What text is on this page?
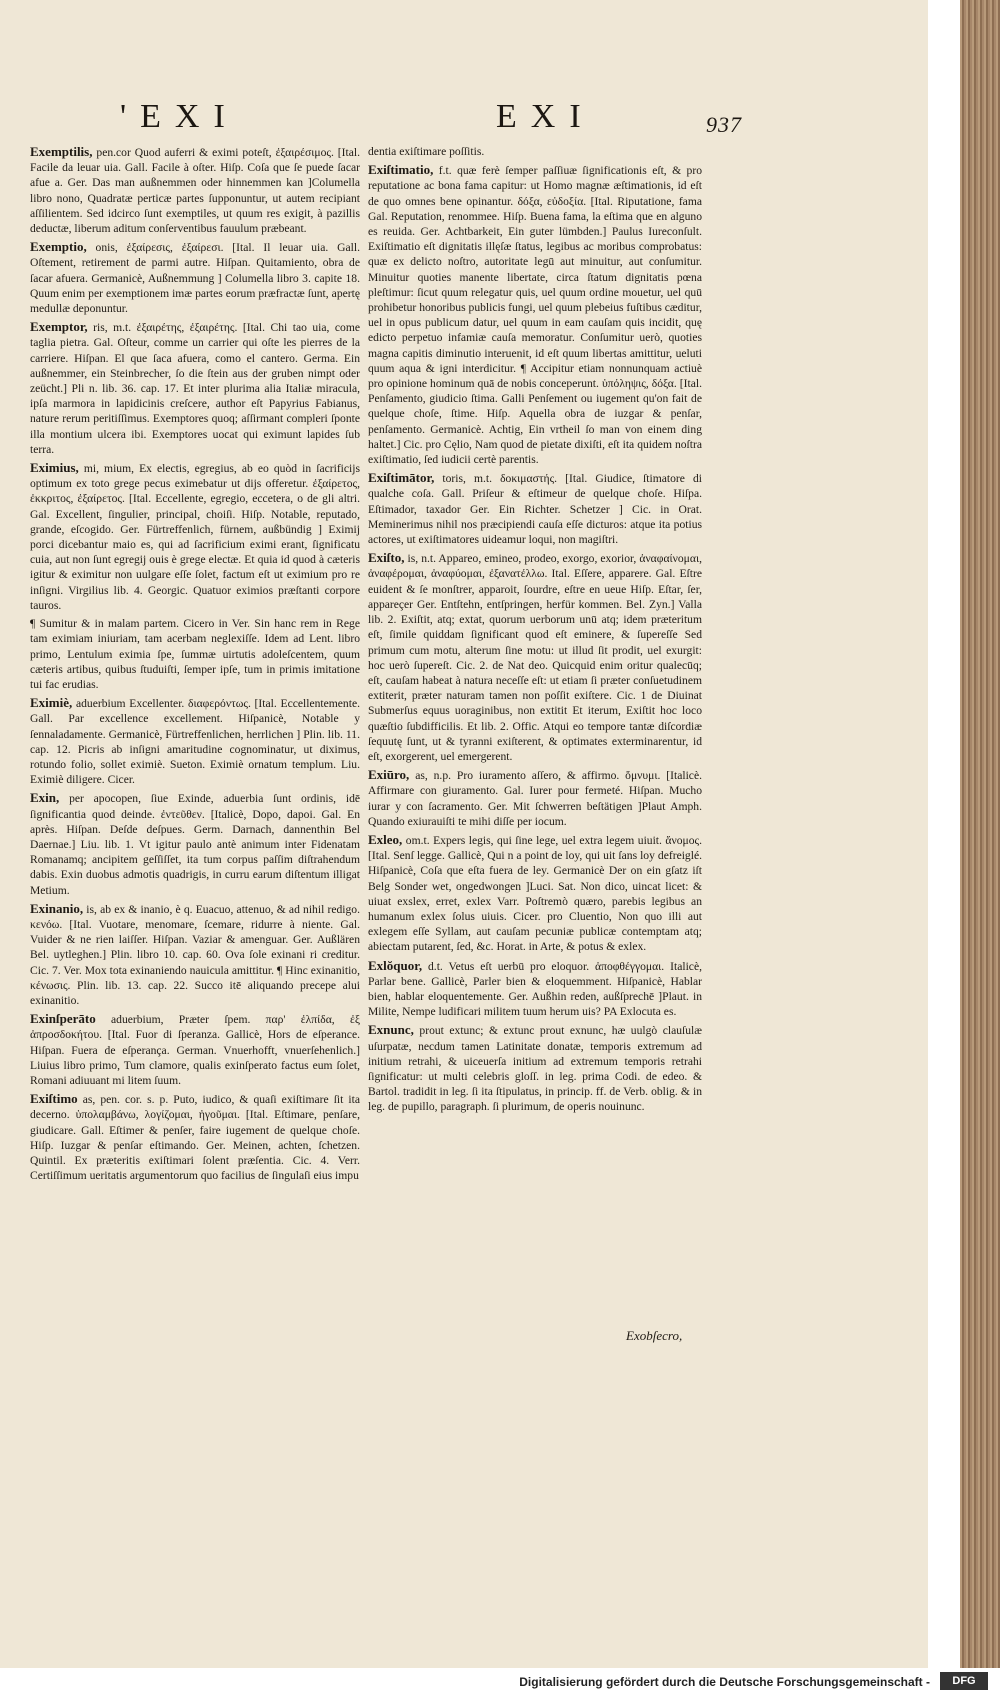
'EXI	EXI	937

Exemptilis, pen.cor Quod auferri & eximi poteſt, ἐξαιρέσιμος. [Ital. Facile da leuar uia. Gall. Facile à oſter. Hiſp. Coſa que ſe puede ſacar afue a. Ger. Das man außnemmen oder hinnemmen kan ]Columella libro nono, Quadratæ perticæ partes ſupponuntur, ut autem recipiant aſſilientem. Sed idcirco ſunt exemptiles, ut quum res exigit, à pazillis deductæ, liberum aditum conſerventibus fauulum præbeant.

Exemptio, onis, ἐξαίρεσις, ἐξαίρεσι. [Ital. Il leuar uia. Gall. Oſtement, retirement de parmi autre. Hiſpan. Quitamiento, obra de ſacar afuera. Germanicè, Außnemmung ] Columella libro 3. capite 18. Quum enim per exemptionem imæ partes eorum præfractæ ſunt, apertę medullæ deponuntur.

Exemptor, ris, m.t. ἐξαιρέτης, ἐξαιρέτης. [Ital. Chi tao uia, come taglia pietra. Gal. Oſteur, comme un carrier qui oſte les pierres de la carriere. Hiſpan. El que ſaca afuera, como el cantero. Germa. Ein außnemmer, ein Steinbrecher, ſo die ſtein aus der gruben nimpt oder zeücht.] Pli n. lib. 36. cap. 17. Et inter plurima alia Italiæ miracula, ipſa marmora in lapidicinis creſcere, author eſt Papyrius Fabianus, nature rerum peritiſſimus. Exemptores quoq; aſſirmant compleri ſponte illa montium ulcera ibi. Exemptores uocat qui eximunt lapides ſub terra.

Eximius, mi, mium, Ex electis, egregius, ab eo quòd in ſacrificijs optimum ex toto grege pecus eximebatur ut dijs offeretur. ἐξαίρετος, ἐκκριτος, ἐξαίρετος. [Ital. Eccellente, egregio, eccetera, o de gli altri. Gal. Excellent, ſingulier, principal, choiſi. Hiſp. Notable, reputado, grande, eſcogido. Ger. Fürtreffenlich, fürnem, außbündig ] Eximij porci dicebantur maio es, qui ad ſacrificium eximi erant, ſignificatu cuia, aut non ſunt egregij ouis è grege electæ. Et quia id quod à cæteris igitur & eximitur non uulgare eſſe ſolet, factum eſt ut eximium pro re inſigni. Virgilius lib. 4. Georgic. Quatuor eximios præſtanti corpore tauros.

¶ Sumitur & in malam partem. Cicero in Ver. Sin hanc rem in Rege tam eximiam iniuriam, tam acerbam neglexiſſe. Idem ad Lent. libro primo, Lentulum eximia ſpe, ſummæ uirtutis adoleſcentem, quum cæteris artibus, quibus ſtuduiſti, ſemper ipſe, tum in primis imitatione tui fac erudias.

Eximiè, aduerbium Excellenter. διαφερόντως. [Ital. Eccellentemente. Gall. Par excellence excellement. Hiſpanicè, Notable y ſennaladamente. Germanicè, Fürtreffenlichen, herrlichen ] Plin. lib. 11. cap. 12. Picris ab inſigni amaritudine cognominatur, ut diximus, rotundo folio, sollet eximiè. Sueton. Eximiè ornatum templum. Liu. Eximiè diligere. Cicer.

Exin, per apocopen, ſiue Exinde, aduerbia ſunt ordinis, idē ſignificantia quod deinde. ἐντεῦθεν. [Italicè, Dopo, dapoi. Gal. En après. Hiſpan. Deſde deſpues. Germ. Darnach, dannenthin Bel Daernae.] Liu. lib. 1. Vt igitur paulo antè animum inter Fidenatam Romanamq; ancipitem geſſiſſet, ita tum corpus paſſim diſtrahendum dabis. Exin duobus admotis quadrigis, in curru earum diſtentum illigat Metium.

Exinanio, is, ab ex & inanio, è q. Euacuo, attenuo, & ad nihil redigo. κενόω. [Ital. Vuotare, menomare, ſcemare, ridurre à niente. Gal. Vuider & ne rien laiſſer. Hiſpan. Vaziar & amenguar. Ger. Außlären Bel. uytleghen.] Plin. libro 10. cap. 60. Ova ſole exinani ri creditur. Cic. 7. Ver. Mox tota exinaniendo nauicula amittitur. ¶ Hinc exinanitio, κένωσις. Plin. lib. 13. cap. 22. Succo itē aliquando precepe alui exinanitio.

Exinſperāto aduerbium, Præter ſpem. παρ' ἐλπίδα, ἐξ ἀπροσδοκήτου. [Ital. Fuor di ſperanza. Gallicè, Hors de eſperance. Hiſpan. Fuera de eſperança. German. Vnuerhofft, vnuerſehenlich.] Liuius libro primo, Tum clamore, qualis exinſperato factus eum ſolet, Romani adiuuant mi litem ſuum.

Exiſtimo as, pen. cor. s. p. Puto, iudico, & quaſi exiſtimare ſit ita decerno. ὑπολαμβάνω, λογίζομαι, ἡγοῦμαι. [Ital. Eſtimare, penſare, giudicare. Gall. Eſtimer & penſer, faire iugement de quelque choſe. Hiſp. Iuzgar & penſar eſtimando. Ger. Meinen, achten, ſchetzen. Quintil. Ex præteritis exiſtimari ſolent præſentia. Cic. 4. Verr. Certiſſimum ueritatis argumentorum quo facilius de ſingulaſi eius impu

dentia exiſtimare poſſitis.

Exiſtimatio, f.t. quæ ferè ſemper paſſiuæ ſignificationis eſt, & pro reputatione ac bona fama capitur: ut Homo magnæ æſtimationis, id eſt de quo omnes bene opinantur. δόξα, εὐδοξία. [Ital. Riputatione, fama Gal. Reputation, renommee. Hiſp. Buena fama, la eſtima que en alguno es reuida. Ger. Achtbarkeit, Ein guter lümbden.] Paulus Iureconſult. Exiſtimatio eſt dignitatis illęſæ ſtatus, legibus ac moribus comprobatus: quæ ex delicto noſtro, autoritate legū aut minuitur, aut conſumitur. Minuitur quoties manente libertate, circa ſtatum dignitatis pœna pleſtimur: ſicut quum relegatur quis, uel quum ordine mouetur, uel quū prohibetur honoribus publicis fungi, uel quum plebeius fuſtibus cæditur, uel in opus publicum datur, uel quum in eam cauſam quis incidit, quę edicto perpetuo infamiæ cauſa memoratur. Conſumitur uerò, quoties magna capitis diminutio interuenit, id eſt quum libertas amittitur, ueluti quum aqua & igni interdicitur. ¶ Accipitur etiam nonnunquam actiuè pro opinione hominum quā de nobis conceperunt. ὑπόληψις, δόξα. [Ital. Penſamento, giudicio ſtima. Galli Penſement ou iugement qu'on fait de quelque choſe, ſtime. Hiſp. Aquella obra de iuzgar & penſar, penſamento. Germanicè. Achtig, Ein vrtheil ſo man von einem ding haltet.] Cic. pro Cęlio, Nam quod de pietate dixiſti, eſt ita quidem noſtra exiſtimatio, ſed iudicii certè parentis.

Exiſtimātor, toris, m.t. δοκιμαστής. [Ital. Giudice, ſtimatore di qualche coſa. Gall. Priſeur & eſtimeur de quelque choſe. Hiſpa. Eſtimador, taxador Ger. Ein Richter. Schetzer ] Cic. in Orat. Meminerimus nihil nos præcipiendi cauſa eſſe dicturos: atque ita potius actores, ut exiſtimatores uideamur loqui, non magiſtri.

Exiſto, is, n.t. Appareo, emineo, prodeo, exorgo, exorior, ἀναφαίνομαι, ἀναφέρομαι, ἀναφύομαι, ἐξανατέλλω. Ital. Eſſere, apparere. Gal. Eſtre euident & ſe monſtrer, apparoit, ſourdre, eſtre en ueue Hiſp. Eſtar, ſer, appareçer Ger. Entſtehn, entſpringen, herfür kommen. Bel. Zyn.] Valla lib. 2. Exiſtit, atq; extat, quorum uerborum unū atq; idem præteritum eſt, ſimile quiddam ſignificant quod eſt eminere, & ſupereſſe Sed primum cum motu, alterum ſine motu: ut illud ſit prodit, uel exurgit: hoc uerò ſupereſt. Cic. 2. de Nat deo. Quicquid enim oritur qualecūq; eſt, cauſam habeat à natura neceſſe eſt: ut etiam ſi præter conſuetudinem extiterit, præter naturam tamen non poſſit exiſtere. Cic. 1 de Diuinat Submerſus equus uoraginibus, non extitit Et iterum, Exiſtit hoc loco quæſtio ſubdifficilis. Et lib. 2. Offic. Atqui eo tempore tantæ diſcordiæ ſequutę ſunt, ut & tyranni exiſterent, & optimates exterminarentur, id eſt, exorgerent, uel emergerent.

Exiūro, as, n.p. Pro iuramento aſſero, & affirmo. ὄμνυμι. [Italicè. Affirmare con giuramento. Gal. Iurer pour fermeté. Hiſpan. Mucho iurar y con ſacramento. Ger. Mit ſchwerren beſtätigen ]Plaut Amph. Quando exiurauiſti te mihi diſſe per iocum.

Exleo, om.t. Expers legis, qui ſine lege, uel extra legem uiuit. ἄνομος. [Ital. Senſ legge. Gallicè, Qui n a point de loy, qui uit ſans loy defreiglé. Hiſpanicè, Coſa que eſta fuera de ley. Germanicè Der on ein gſatz iſt Belg Sonder wet, ongedwongen ]Luci. Sat. Non dico, uincat licet: & uiuat exslex, erret, exlex Varr. Poſtremò quæro, parebis legibus an humanum exlex ſolus uiuis. Cicer. pro Cluentio, Non quo illi aut exlegem eſſe Syllam, aut cauſam pecuniæ publicæ contemptam atq; abiectam putarent, ſed, &c. Horat. in Arte, & potus & exlex.

Exlŏquor, d.t. Vetus eſt uerbū pro eloquor. ἀποφθέγγομαι. Italicè, Parlar bene. Gallicè, Parler bien & eloquemment. Hiſpanicè, Hablar bien, hablar eloquentemente. Ger. Außhin reden, außſprechē ]Plaut. in Milite, Nempe ludificari militem tuum herum uis? PA Exlocuta es.

Exnunc, prout extunc; & extunc prout exnunc, hæ uulgò clauſulæ uſurpatæ, necdum tamen Latinitate donatæ, temporis extremum ad initium retrahi, & uiceuerſa initium ad extremum temporis retrahi ſignificatur: ut multi celebris gloſſ. in leg. prima Codi. de edeo. & Bartol. tradidit in leg. ſi ita ſtipulatus, in princip. ff. de Verb. oblig. & in leg. de pupillo, paragraph. ſi plurimum, de operis nouinunc.

Exobſecro,
Digitalisierung gefördert durch die Deutsche Forschungsgemeinschaft -	DFG
